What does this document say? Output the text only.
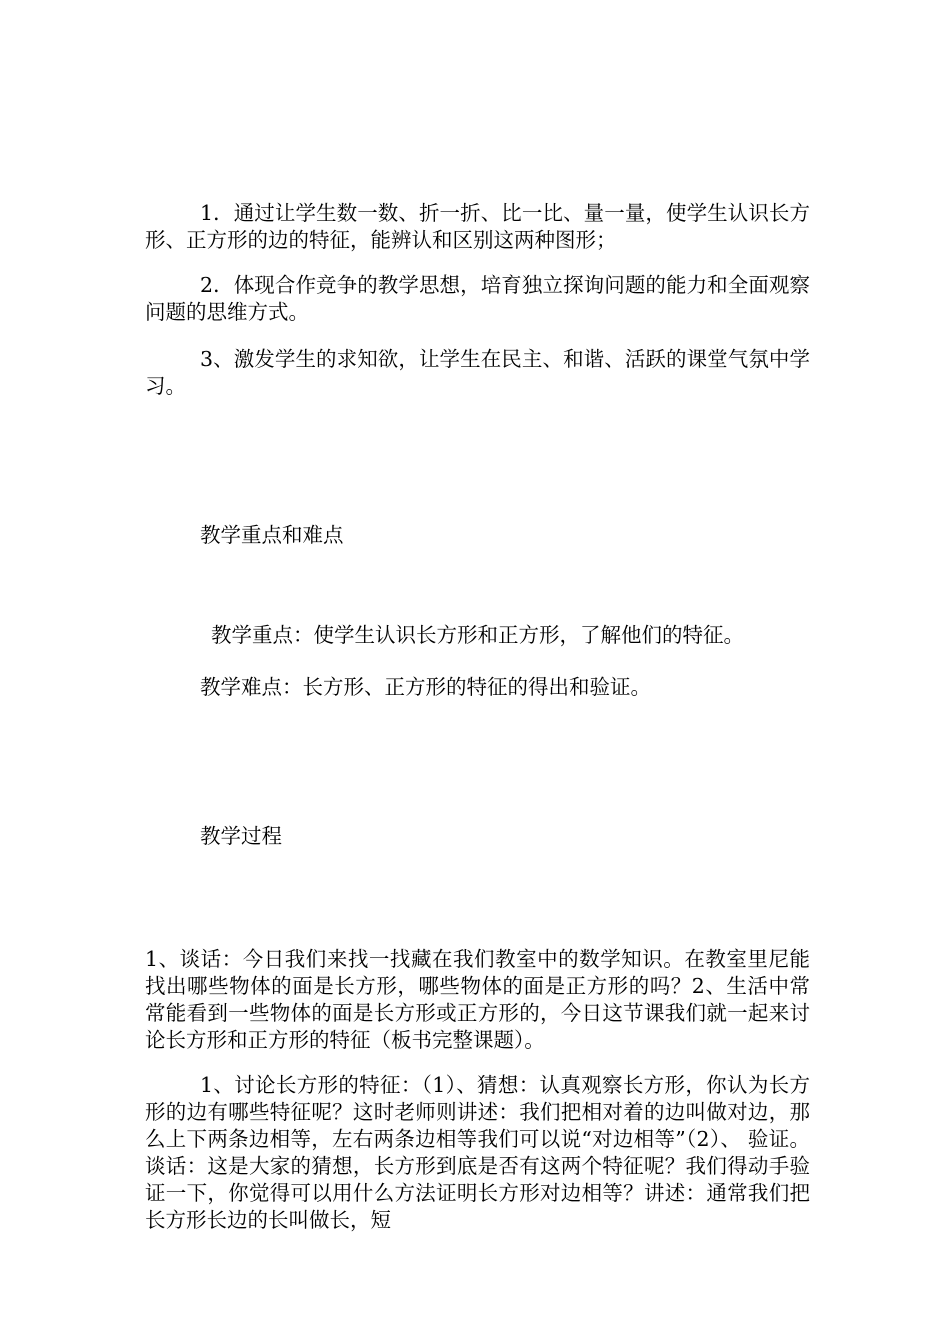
1．通过让学生数一数、折一折、比一比、量一量，使学生认识长方形、正方形的边的特征，能辨认和区别这两种图形；

2．体现合作竞争的教学思想，培育独立探询问题的能力和全面观察问题的思维方式。

3、激发学生的求知欲，让学生在民主、和谐、活跃的课堂气氛中学习。

教学重点和难点

教学重点：使学生认识长方形和正方形，了解他们的特征。

教学难点：长方形、正方形的特征的得出和验证。

教学过程

1、谈话：今日我们来找一找藏在我们教室中的数学知识。在教室里尼能找出哪些物体的面是长方形，哪些物体的面是正方形的吗？2、生活中常常能看到一些物体的面是长方形或正方形的，今日这节课我们就一起来讨论长方形和正方形的特征（板书完整课题）。

1、讨论长方形的特征：（1）、猜想：认真观察长方形，你认为长方形的边有哪些特征呢？这时老师则讲述：我们把相对着的边叫做对边，那么上下两条边相等，左右两条边相等我们可以说“对边相等”（2）、 验证。谈话：这是大家的猜想，长方形到底是否有这两个特征呢？我们得动手验证一下，你觉得可以用什么方法证明长方形对边相等？讲述：通常我们把长方形长边的长叫做长，短
